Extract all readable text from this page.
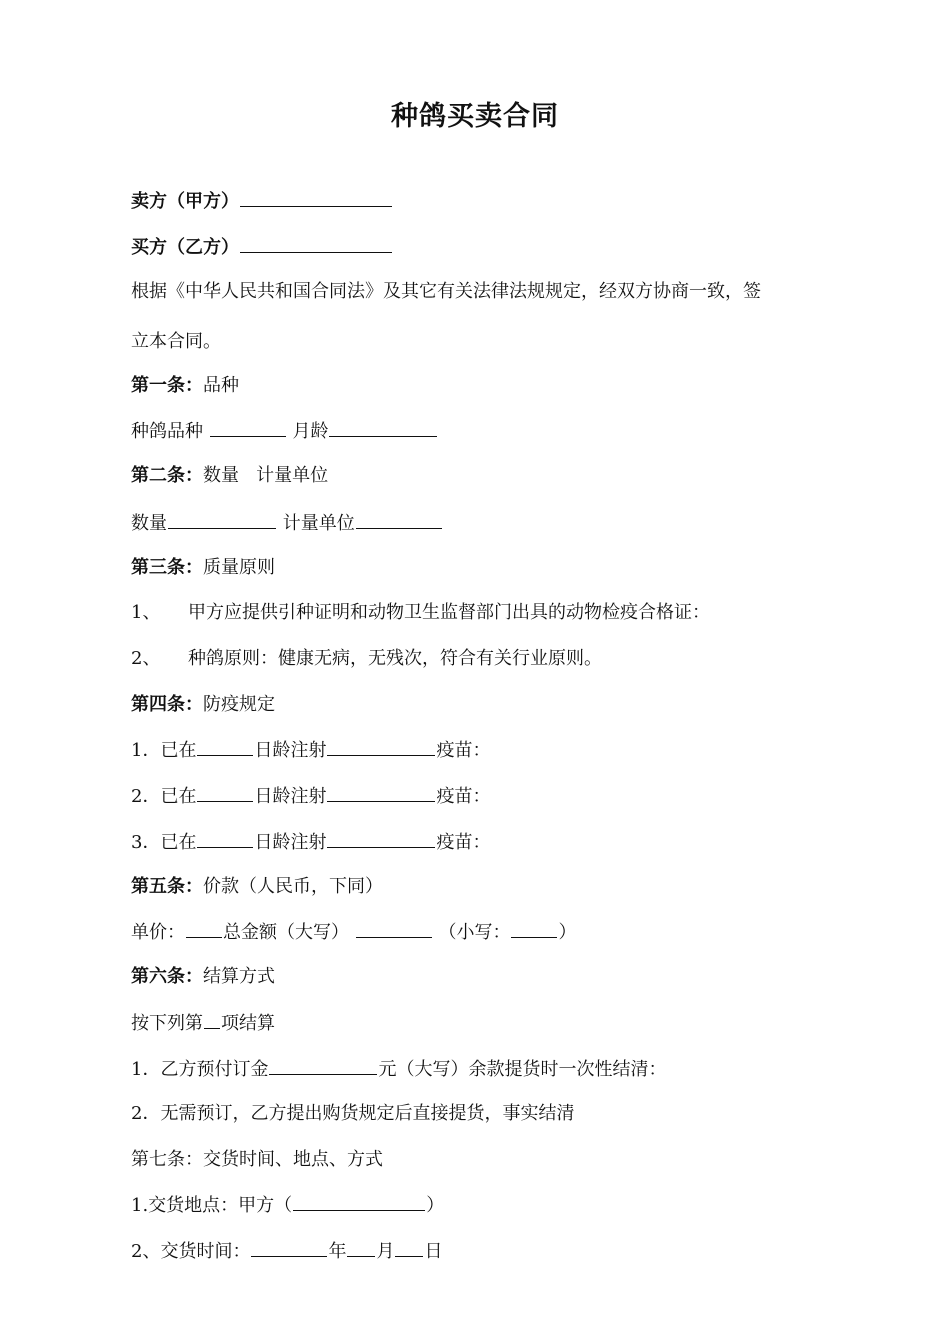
种鸽买卖合同
卖方（甲方）
买方（乙方）
根据《中华人民共和国合同法》及其它有关法律法规规定，经双方协商一致，签
立本合同。
第一条：品种
种鸽品种	月龄
第二条：数量   计量单位
数量	计量单位
第三条：质量原则
1、 甲方应提供引种证明和动物卫生监督部门出具的动物检疫合格证：
2、 种鸽原则：健康无病，无残次，符合有关行业原则。
第四条：防疫规定
1．已在	日龄注射	疫苗：
2．已在	日龄注射	疫苗：
3．已在	日龄注射	疫苗：
第五条：价款（人民币，下同）
单价： 总金额（大写）	（小写：	）
第六条：结算方式
按下列第 项结算
1．乙方预付订金	元（大写）余款提货时一次性结清：
2．无需预订，乙方提出购货规定后直接提货，事实结清
第七条：交货时间、地点、方式
1.交货地点：甲方（	）
2、交货时间：	年 月 日
